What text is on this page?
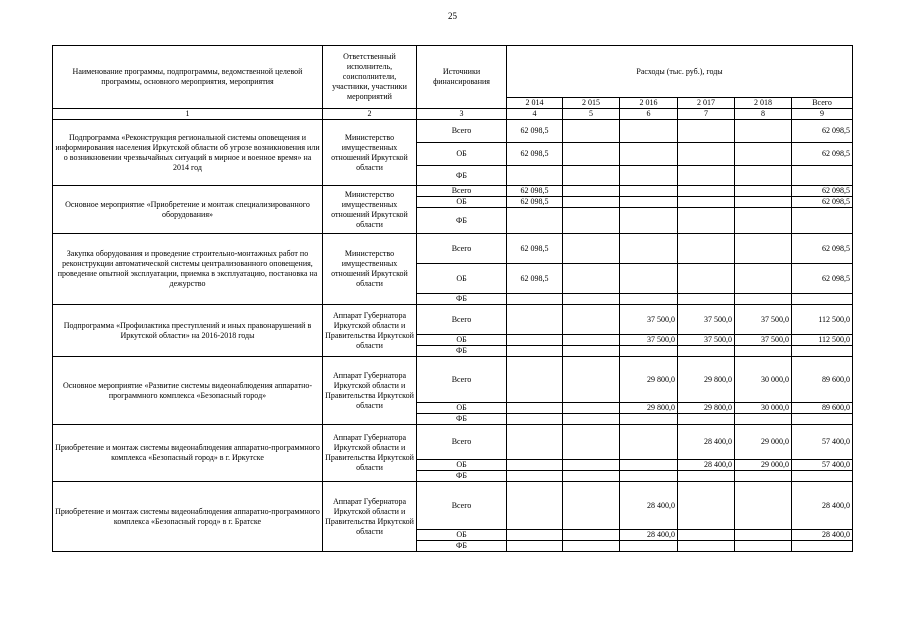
25
Наименование программы, подпрограммы, ведомственной целевой программы, основного мероприятия, мероприятия	Ответственный исполнитель, соисполнители, участники, участники мероприятий	Источники финансирования	Расходы (тыс. руб.), годы					
			2 014	2 015	2 016	2 017	2 018	Всего
1	2	3	4	5	6	7	8	9
Подпрограмма «Реконструкция региональной системы оповещения и информирования населения Иркутской области об угрозе возникновения или о возникновении чрезвычайных ситуаций в мирное и военное время» на 2014 год	Министерство имущественных отношений Иркутской области	Всего	62 098,5					62 098,5
		ОБ	62 098,5					62 098,5
		ФБ						
Основное мероприятие «Приобретение и монтаж специализированного оборудования»	Министерство имущественных отношений Иркутской области	Всего	62 098,5					62 098,5
		ОБ	62 098,5					62 098,5
		ФБ						
Закупка оборудования и проведение строительно-монтажных работ по реконструкции автоматической системы централизованного оповещения, проведение опытной эксплуатации, приемка в эксплуатацию, постановка на дежурство	Министерство имущественных отношений Иркутской области	Всего	62 098,5					62 098,5
		ОБ	62 098,5					62 098,5
		ФБ						
Подпрограмма «Профилактика преступлений и иных правонарушений в Иркутской области» на 2016-2018 годы	Аппарат Губернатора Иркутской области и Правительства Иркутской области	Всего			37 500,0	37 500,0	37 500,0	112 500,0
		ОБ			37 500,0	37 500,0	37 500,0	112 500,0
		ФБ						
Основное мероприятие «Развитие системы видеонаблюдения аппаратно-программного комплекса «Безопасный город»	Аппарат Губернатора Иркутской области и Правительства Иркутской области	Всего			29 800,0	29 800,0	30 000,0	89 600,0
		ОБ			29 800,0	29 800,0	30 000,0	89 600,0
		ФБ						
Приобретение и монтаж системы видеонаблюдения аппаратно-программного комплекса «Безопасный город» в г. Иркутске	Аппарат Губернатора Иркутской области и Правительства Иркутской области	Всего				28 400,0	29 000,0	57 400,0
		ОБ				28 400,0	29 000,0	57 400,0
		ФБ						
Приобретение и монтаж системы видеонаблюдения аппаратно-программного комплекса «Безопасный город» в г. Братске	Аппарат Губернатора Иркутской области и Правительства Иркутской области	Всего			28 400,0			28 400,0
		ОБ			28 400,0			28 400,0
		ФБ						
